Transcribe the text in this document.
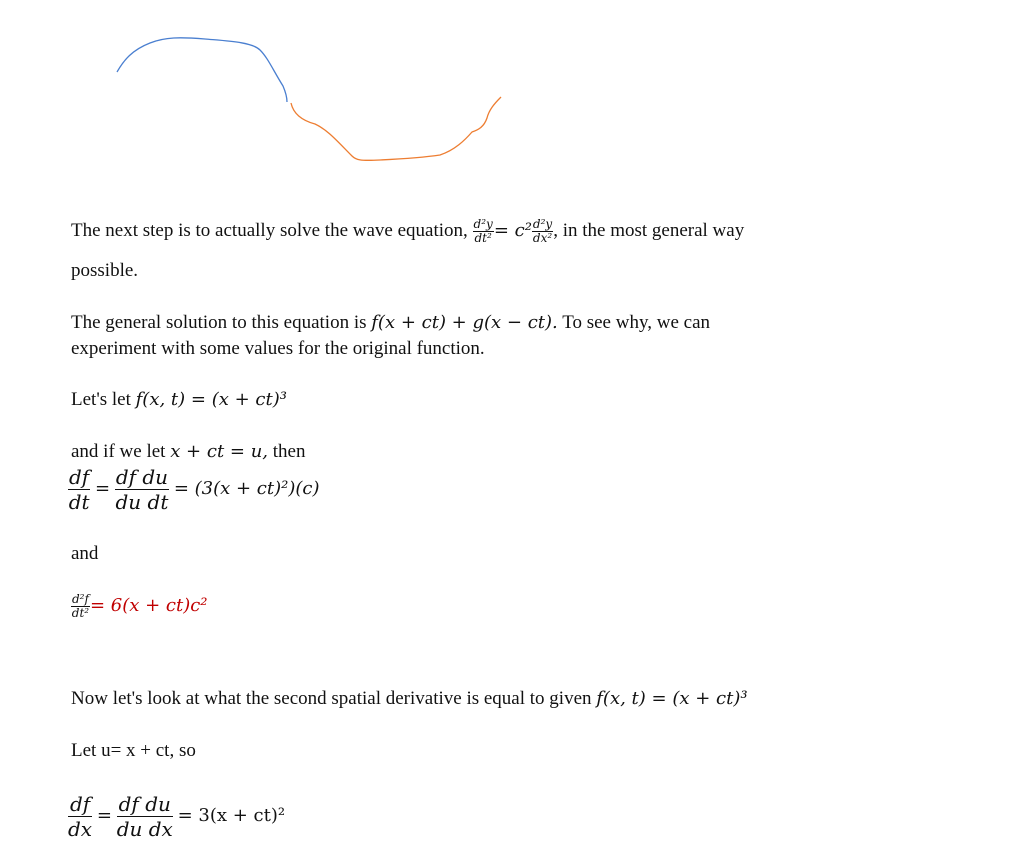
The next step is to actually solve the wave equation, $\frac{\text{d²y}}{\text{dt²}} = c^2 \frac{\text{d²y}}{\text{dx²}}$ , in the most general way
possible.
The general solution to this equation is f(x + ct) + g(x − ct). To see why, we can
experiment with some values for the original function.
Let's let f(x, t) = (x + ct)³
and if we let x + ct = u, then
$\frac{df}{dt} = \frac{\text{df du}}{\text{du dt}} = (3(x + ct)^2)(c)$
and
$\frac{\text{d²f}}{\text{dt²}} = 6(x + ct)c^2$
Now let's look at what the second spatial derivative is equal to given f(x, t) = (x + ct)³
Let u= x + ct, so
$\frac{df}{dx} = \frac{\text{df du}}{\text{du dx}} = 3(x + ct)^2$
